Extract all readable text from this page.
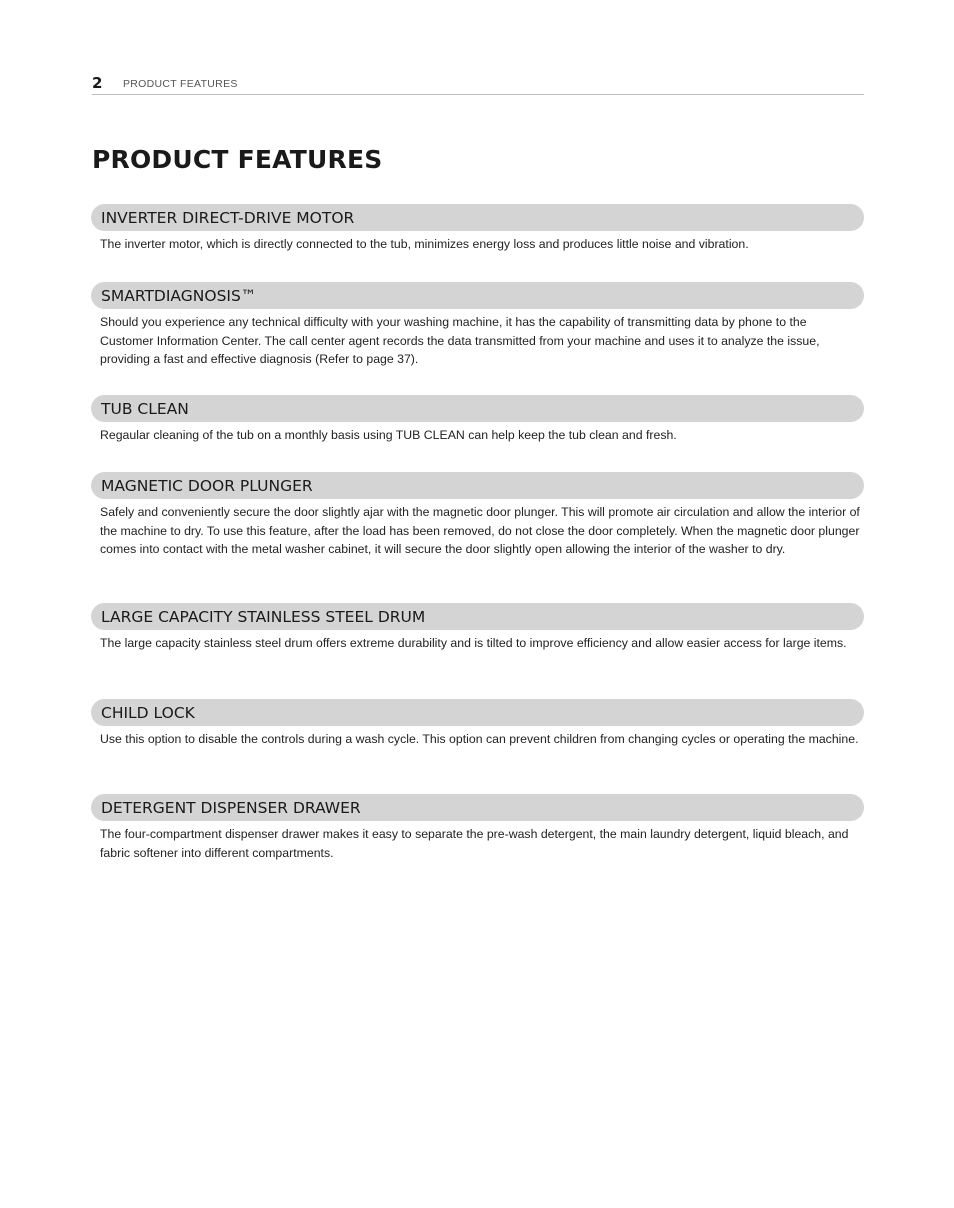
2 PRODUCT FEATURES
PRODUCT FEATURES
INVERTER DIRECT-DRIVE MOTOR
The inverter motor, which is directly connected to the tub, minimizes energy loss and produces little noise and vibration.
SMARTDIAGNOSIS™
Should you experience any technical difficulty with your washing machine, it has the capability of transmitting data by phone to the Customer Information Center. The call center agent records the data transmitted from your machine and uses it to analyze the issue, providing a fast and effective diagnosis (Refer to page 37).
TUB CLEAN
Regaular cleaning of the tub on a monthly basis using TUB CLEAN can help keep the tub clean and fresh.
MAGNETIC DOOR PLUNGER
Safely and conveniently secure the door slightly ajar with the magnetic door plunger. This will promote air circulation and allow the interior of the machine to dry. To use this feature, after the load has been removed, do not close the door completely. When the magnetic door plunger comes into contact with the metal washer cabinet, it will secure the door slightly open allowing the interior of the washer to dry.
LARGE CAPACITY STAINLESS STEEL DRUM
The large capacity stainless steel drum offers extreme durability and is tilted to improve efficiency and allow easier access for large items.
CHILD LOCK
Use this option to disable the controls during a wash cycle. This option can prevent children from changing cycles or operating the machine.
DETERGENT DISPENSER DRAWER
The four-compartment dispenser drawer makes it easy to separate the pre-wash detergent, the main laundry detergent, liquid bleach, and fabric softener into different compartments.
